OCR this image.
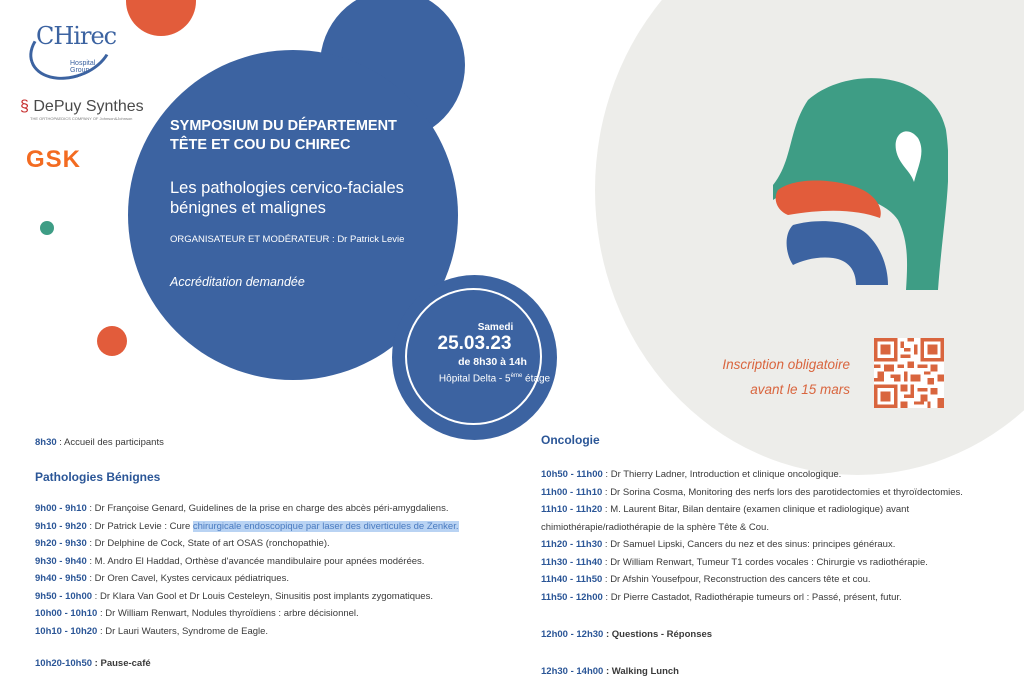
CHirec
Hospital Group
§ DePuy Synthes
THE ORTHOPAEDICS COMPANY OF Johnson&Johnson
GSK
SYMPOSIUM DU DÉPARTEMENT
TÊTE ET COU DU CHIREC
Les pathologies cervico-faciales
bénignes et malignes
ORGANISATEUR ET MODÉRATEUR : Dr Patrick Levie
Accréditation demandée
Samedi
25.03.23
de 8h30 à 14h
Hôpital Delta - 5ème étage
Inscription obligatoire
avant le 15 mars
8h30 : Accueil des participants
Pathologies Bénignes
9h00 - 9h10 : Dr Françoise Genard, Guidelines de la prise en charge des abcès péri-amygdaliens.
9h10 - 9h20 : Dr Patrick Levie : Cure chirurgicale endoscopique par laser des diverticules de Zenker.
9h20 - 9h30 : Dr Delphine de Cock, State of art OSAS (ronchopathie).
9h30 - 9h40 : M. Andro El Haddad, Orthèse d'avancée mandibulaire pour apnées modérées.
9h40 - 9h50 : Dr Oren Cavel, Kystes cervicaux pédiatriques.
9h50 - 10h00 : Dr Klara Van Gool et Dr Louis Cesteleyn, Sinusitis post implants zygomatiques.
10h00 - 10h10 : Dr William Renwart, Nodules thyroïdiens : arbre décisionnel.
10h10 - 10h20 : Dr Lauri Wauters, Syndrome de Eagle.
10h20-10h50 : Pause-café
Oncologie
10h50 - 11h00 : Dr Thierry Ladner, Introduction et clinique oncologique.
11h00 - 11h10 : Dr Sorina Cosma, Monitoring des nerfs lors des parotidectomies et thyroïdectomies.
11h10 - 11h20 : M. Laurent Bitar, Bilan dentaire (examen clinique et radiologique) avant
chimiothérapie/radiothérapie de la sphère Tête & Cou.
11h20 - 11h30 : Dr Samuel Lipski, Cancers du nez et des sinus: principes généraux.
11h30 - 11h40 : Dr William Renwart, Tumeur T1 cordes vocales : Chirurgie vs radiothérapie.
11h40 - 11h50 : Dr Afshin Yousefpour, Reconstruction des cancers tête et cou.
11h50 - 12h00 : Dr Pierre Castadot, Radiothérapie tumeurs orl : Passé, présent, futur.
12h00 - 12h30 : Questions - Réponses
12h30 - 14h00 : Walking Lunch
